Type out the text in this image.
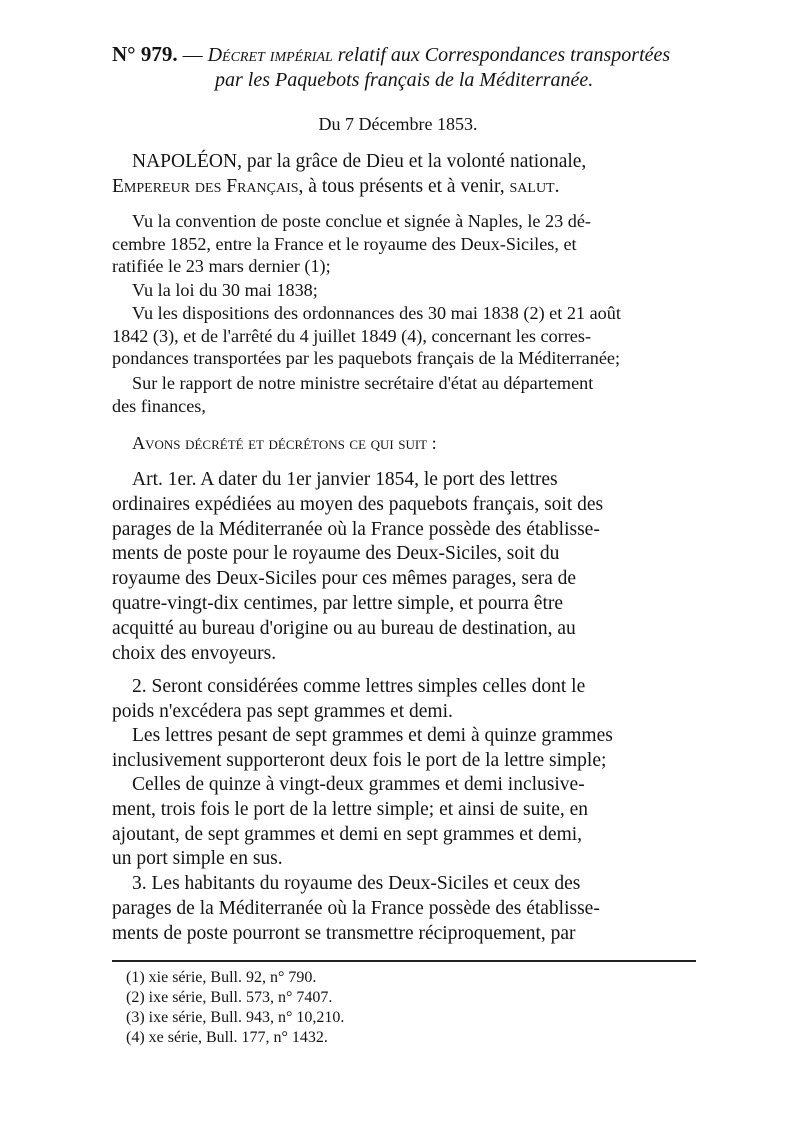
N° 979. — Décret impérial relatif aux Correspondances transportées
par les Paquebots français de la Méditerranée.
Du 7 Décembre 1853.
NAPOLÉON, par la grâce de Dieu et la volonté nationale,
Empereur des Français, à tous présents et à venir, salut.
Vu la convention de poste conclue et signée à Naples, le 23 dé-
cembre 1852, entre la France et le royaume des Deux-Siciles, et
ratifiée le 23 mars dernier (1);
Vu la loi du 30 mai 1838;
Vu les dispositions des ordonnances des 30 mai 1838 (2) et 21 août
1842 (3), et de l'arrêté du 4 juillet 1849 (4), concernant les corres-
pondances transportées par les paquebots français de la Méditerranée;
Sur le rapport de notre ministre secrétaire d'état au département
des finances,
Avons décrété et décrétons ce qui suit :
Art. 1er. A dater du 1er janvier 1854, le port des lettres
ordinaires expédiées au moyen des paquebots français, soit des
parages de la Méditerranée où la France possède des établisse-
ments de poste pour le royaume des Deux-Siciles, soit du
royaume des Deux-Siciles pour ces mêmes parages, sera de
quatre-vingt-dix centimes, par lettre simple, et pourra être
acquitté au bureau d'origine ou au bureau de destination, au
choix des envoyeurs.
2. Seront considérées comme lettres simples celles dont le
poids n'excédera pas sept grammes et demi.
Les lettres pesant de sept grammes et demi à quinze grammes
inclusivement supporteront deux fois le port de la lettre simple;
Celles de quinze à vingt-deux grammes et demi inclusive-
ment, trois fois le port de la lettre simple; et ainsi de suite, en
ajoutant, de sept grammes et demi en sept grammes et demi,
un port simple en sus.
3. Les habitants du royaume des Deux-Siciles et ceux des
parages de la Méditerranée où la France possède des établisse-
ments de poste pourront se transmettre réciproquement, par
(1) xie série, Bull. 92, n° 790.
(2) ixe série, Bull. 573, n° 7407.
(3) ixe série, Bull. 943, n° 10,210.
(4) xe série, Bull. 177, n° 1432.
